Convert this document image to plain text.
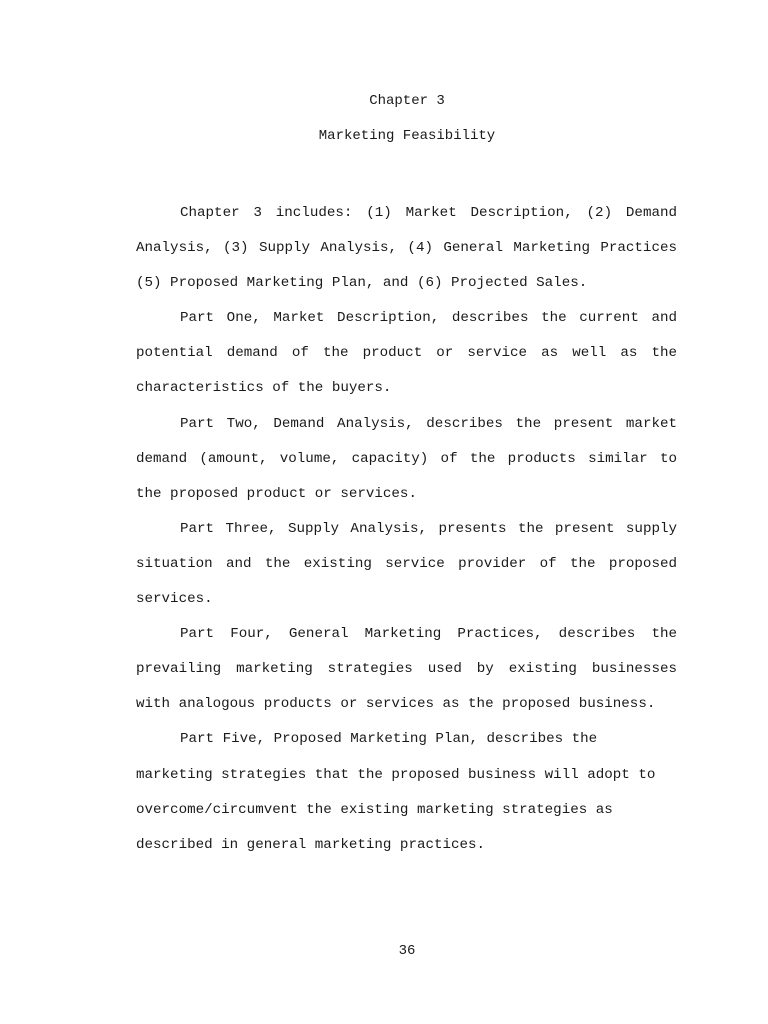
Chapter 3
Marketing Feasibility

Chapter 3 includes: (1) Market Description, (2) Demand Analysis, (3) Supply Analysis, (4) General Marketing Practices (5) Proposed Marketing Plan, and (6) Projected Sales.

Part One, Market Description, describes the current and potential demand of the product or service as well as the characteristics of the buyers.

Part Two, Demand Analysis, describes the present market demand (amount, volume, capacity) of the products similar to the proposed product or services.

Part Three, Supply Analysis, presents the present supply situation and the existing service provider of the proposed services.

Part Four, General Marketing Practices, describes the prevailing marketing strategies used by existing businesses with analogous products or services as the proposed business.

Part Five, Proposed Marketing Plan, describes the marketing strategies that the proposed business will adopt to overcome/circumvent the existing marketing strategies as described in general marketing practices.

36
